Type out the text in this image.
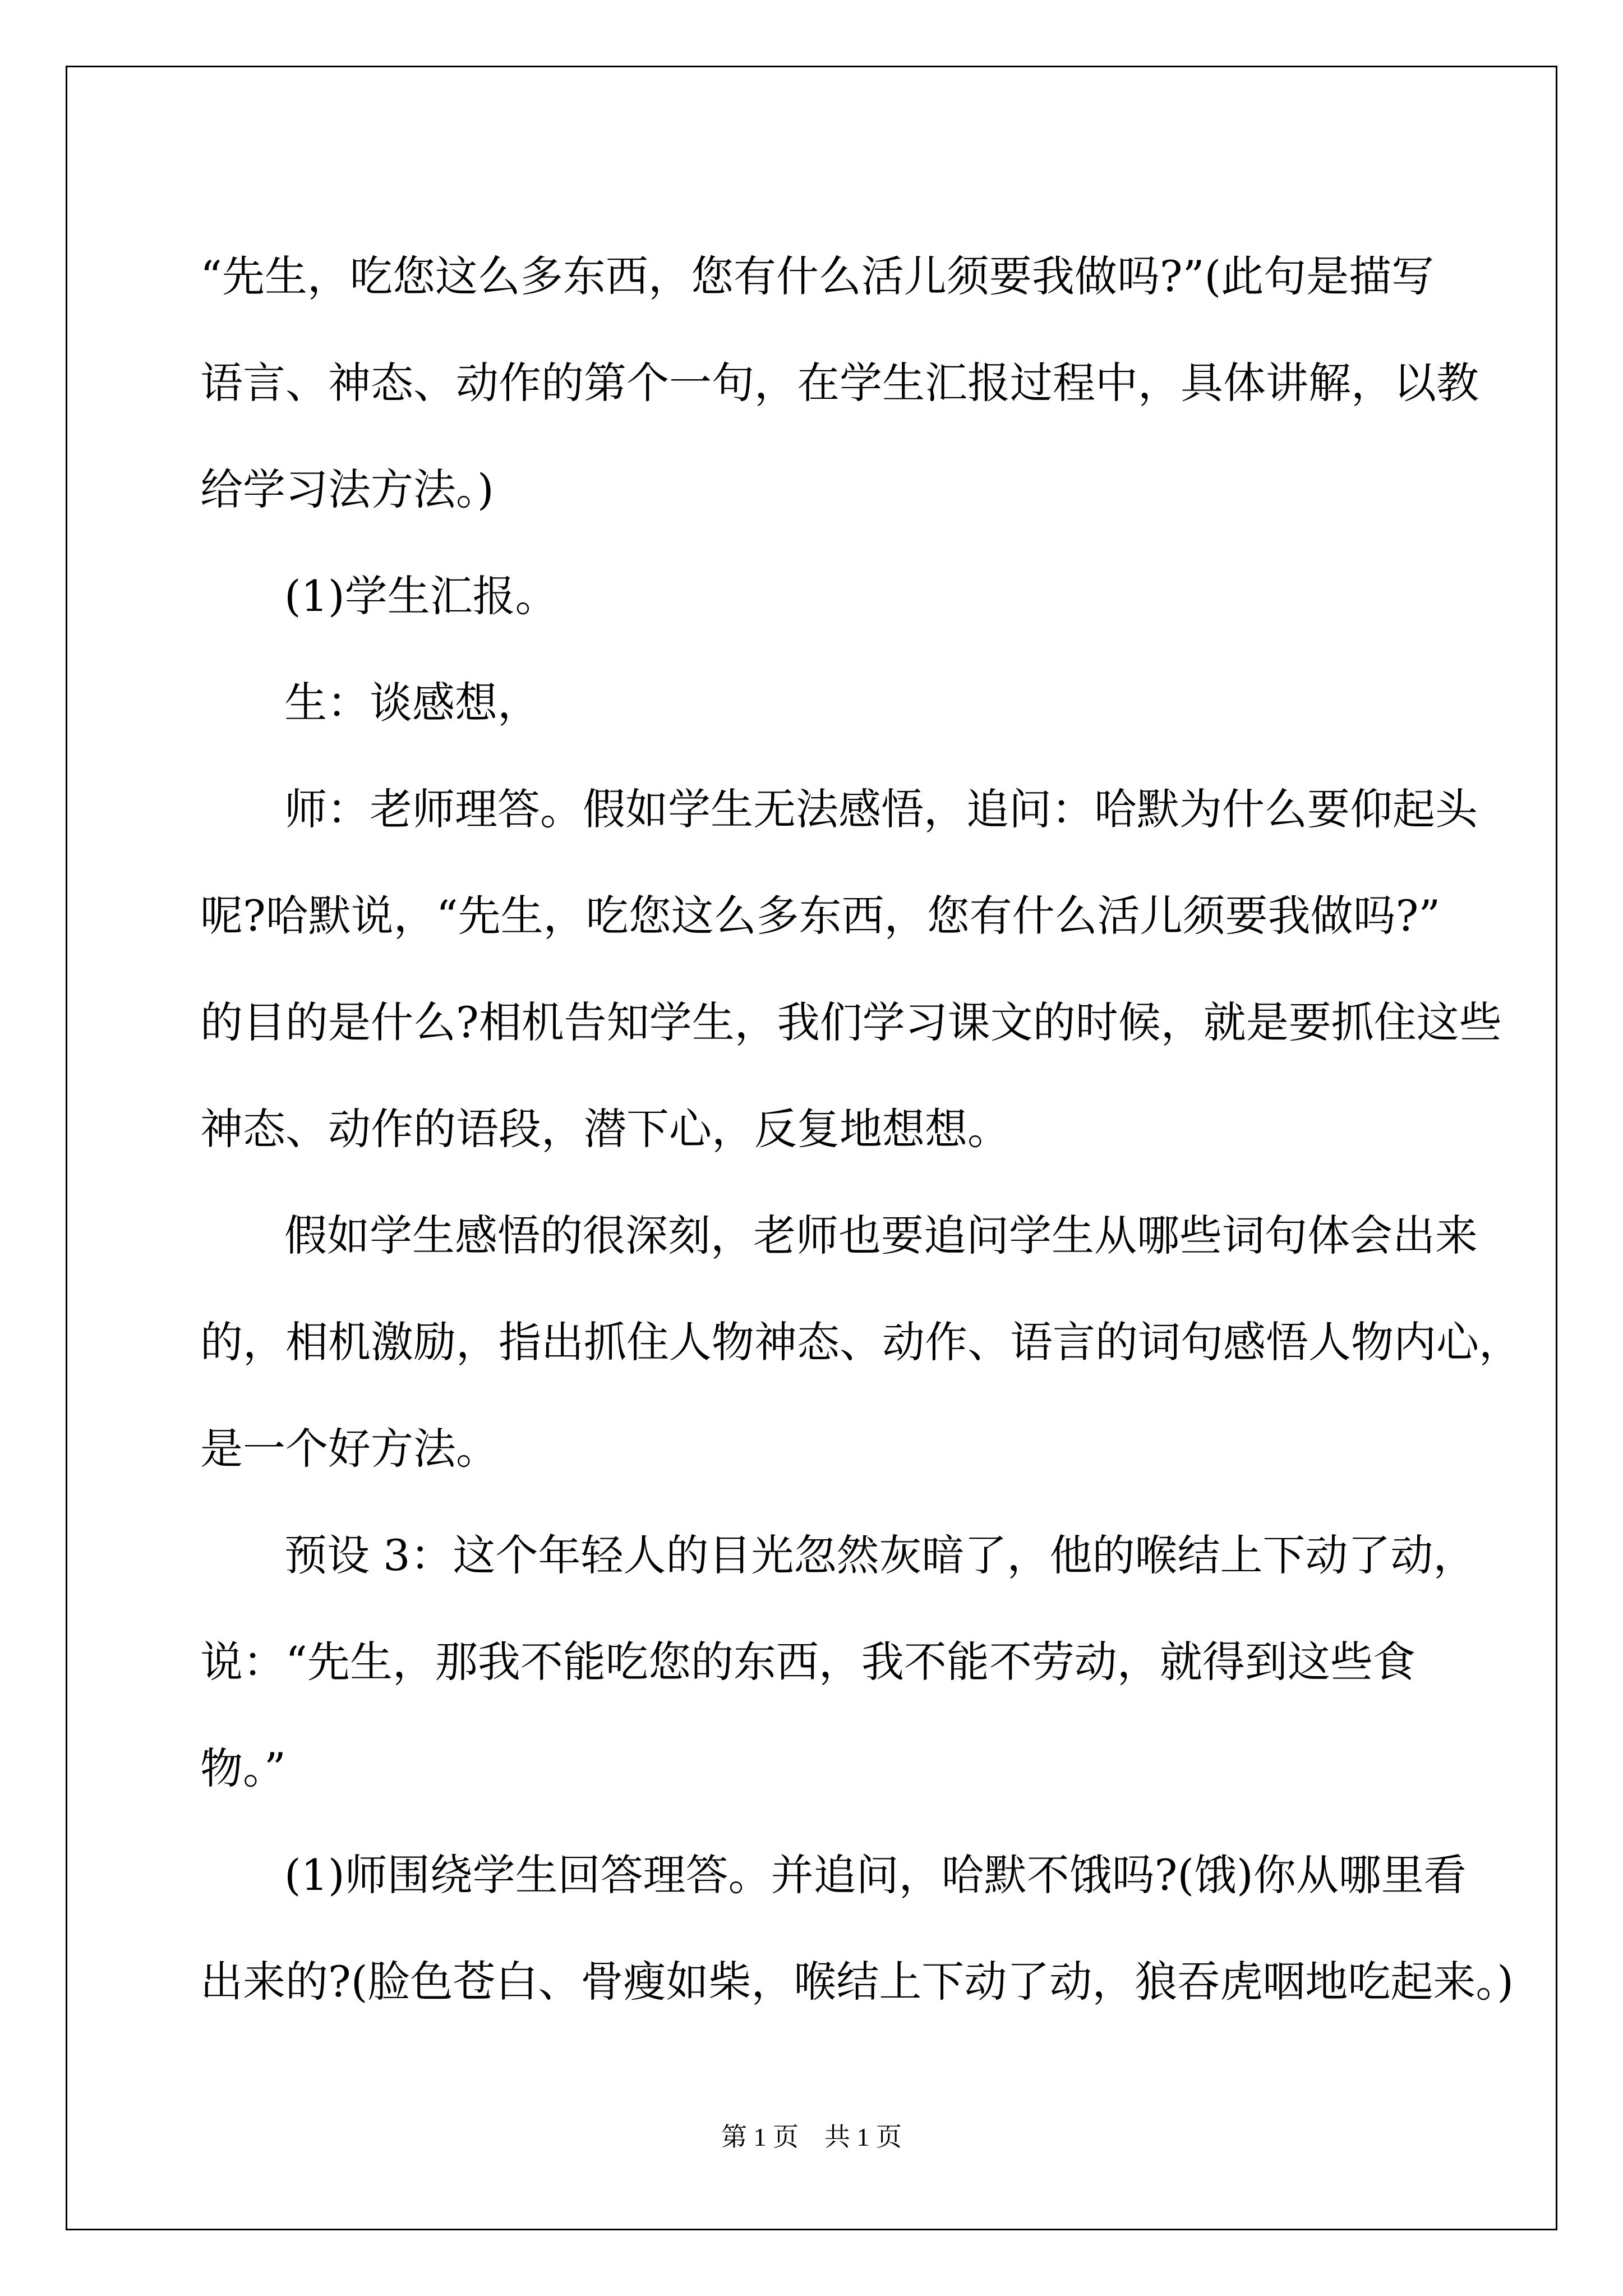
“先生，吃您这么多东西，您有什么活儿须要我做吗?”(此句是描写

语言、神态、动作的第个一句，在学生汇报过程中，具体讲解，以教

给学习法方法。)

(1)学生汇报。

生：谈感想，

师：老师理答。假如学生无法感悟，追问：哈默为什么要仰起头

呢?哈默说，“先生，吃您这么多东西，您有什么活儿须要我做吗?”

的目的是什么?相机告知学生，我们学习课文的时候，就是要抓住这些

神态、动作的语段，潜下心，反复地想想。

假如学生感悟的很深刻，老师也要追问学生从哪些词句体会出来

的，相机激励，指出抓住人物神态、动作、语言的词句感悟人物内心，

是一个好方法。

预设 3：这个年轻人的目光忽然灰暗了，他的喉结上下动了动，

说：“先生，那我不能吃您的东西，我不能不劳动，就得到这些食

物。”

(1)师围绕学生回答理答。并追问，哈默不饿吗?(饿)你从哪里看

出来的?(脸色苍白、骨瘦如柴，喉结上下动了动，狼吞虎咽地吃起来。)

第 1 页　共 1 页
